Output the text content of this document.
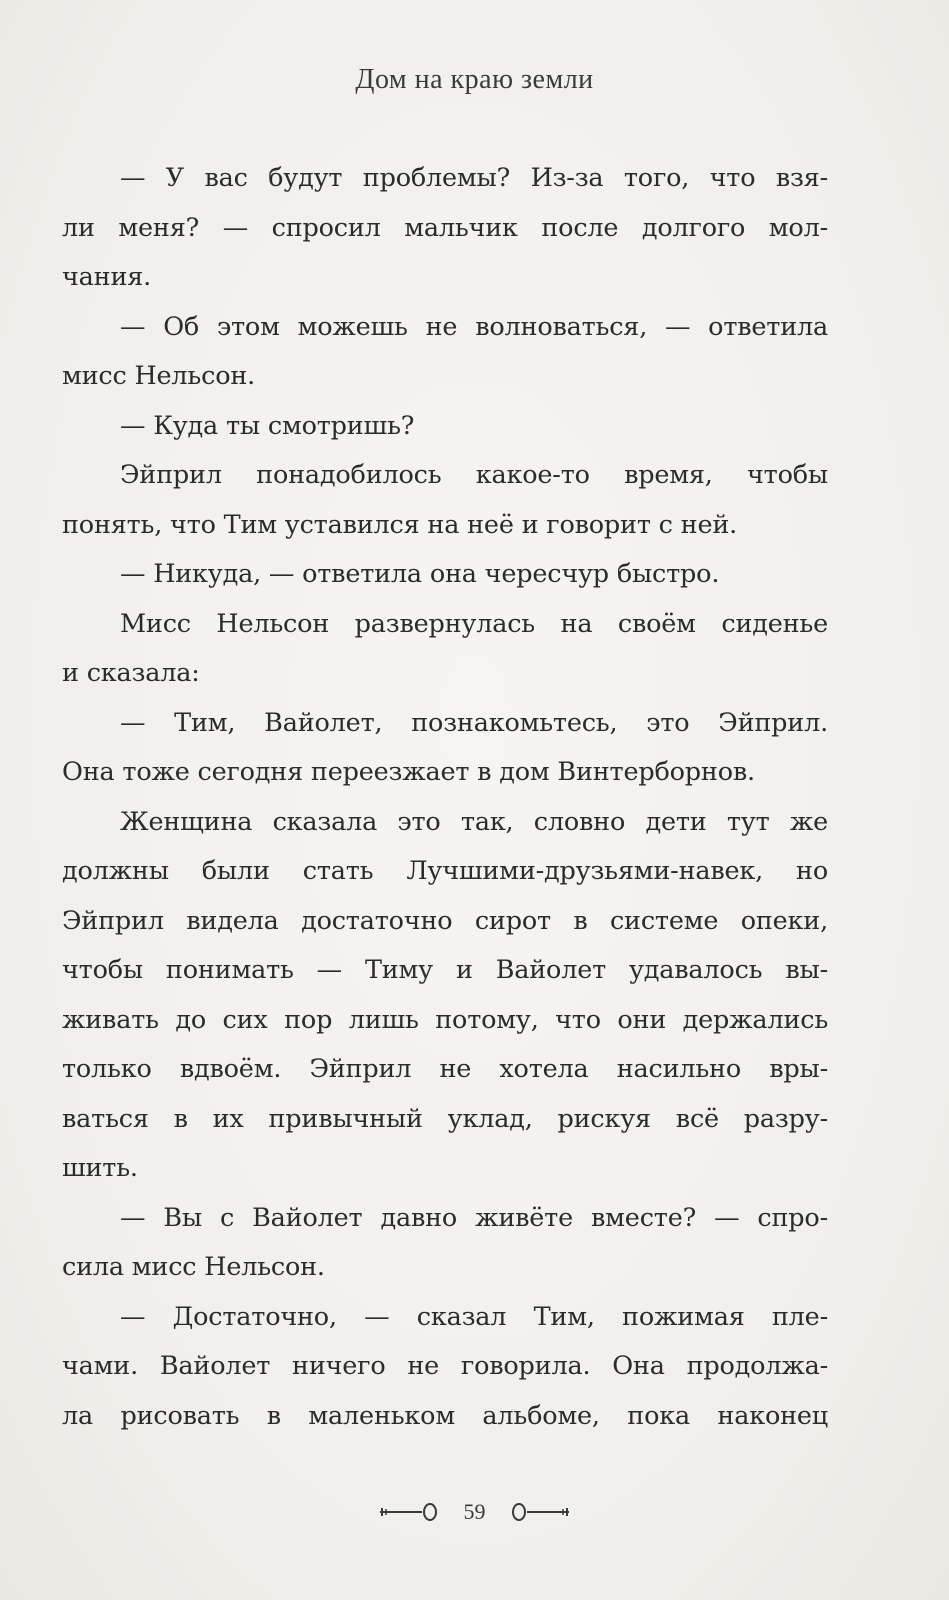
Дом на краю земли
— У вас будут проблемы? Из-за того, что взя-
ли меня? — спросил мальчик после долгого мол-
чания.
— Об этом можешь не волноваться, — ответила
мисс Нельсон.
— Куда ты смотришь?
Эйприл понадобилось какое-то время, чтобы
понять, что Тим уставился на неё и говорит с ней.
— Никуда, — ответила она чересчур быстро.
Мисс Нельсон развернулась на своём сиденье
и сказала:
— Тим, Вайолет, познакомьтесь, это Эйприл.
Она тоже сегодня переезжает в дом Винтерборнов.
Женщина сказала это так, словно дети тут же
должны были стать Лучшими-друзьями-навек, но
Эйприл видела достаточно сирот в системе опеки,
чтобы понимать — Тиму и Вайолет удавалось вы-
живать до сих пор лишь потому, что они держались
только вдвоём. Эйприл не хотела насильно вры-
ваться в их привычный уклад, рискуя всё разру-
шить.
— Вы с Вайолет давно живёте вместе? — спро-
сила мисс Нельсон.
— Достаточно, — сказал Тим, пожимая пле-
чами. Вайолет ничего не говорила. Она продолжа-
ла рисовать в маленьком альбоме, пока наконец
59
